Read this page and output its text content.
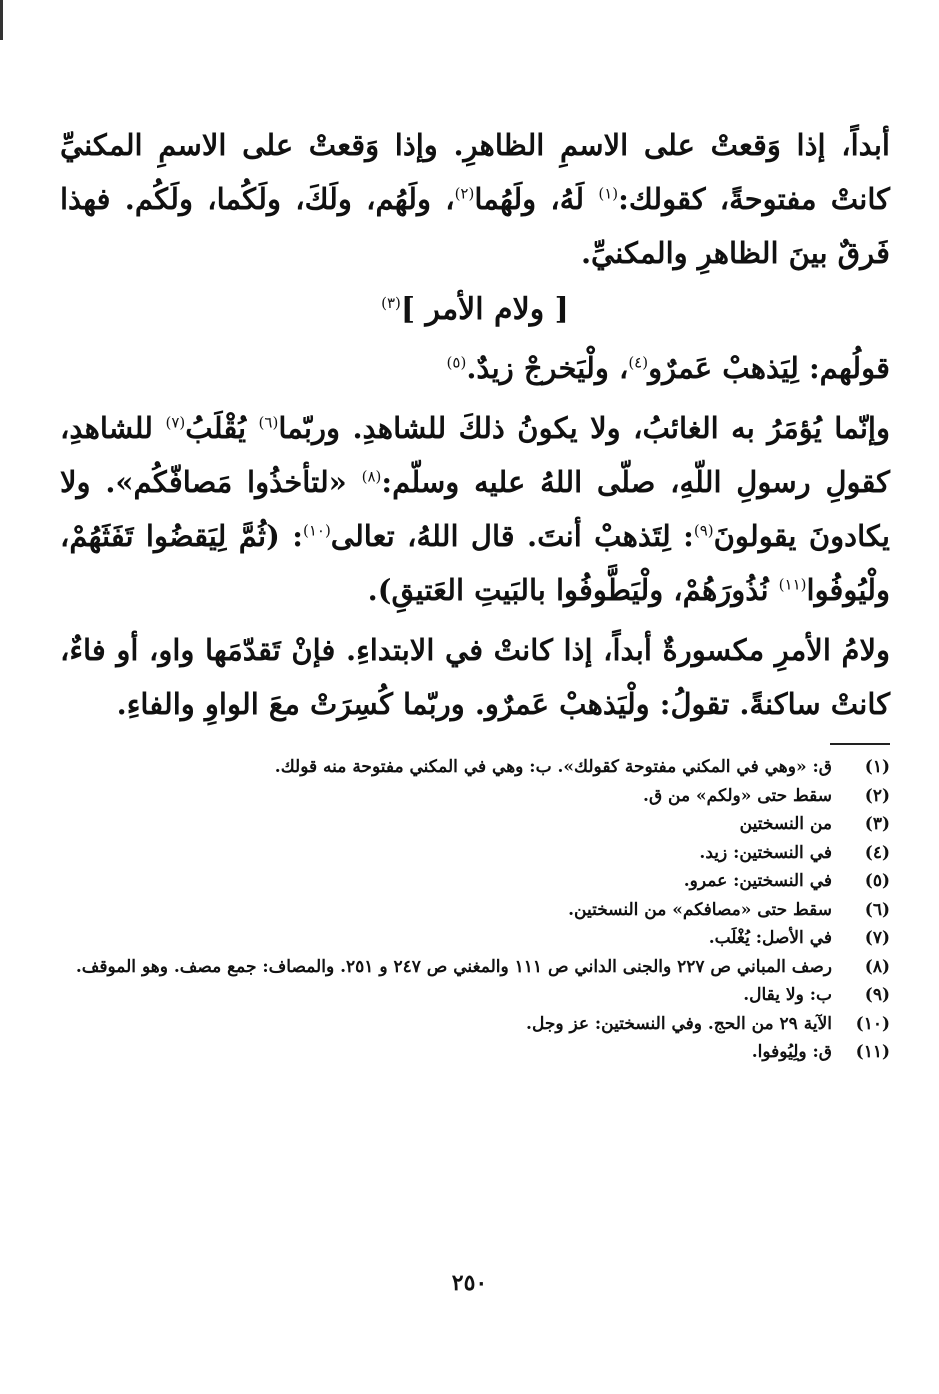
أبداً، إذا وَقعتْ على الاسمِ الظاهرِ. وإذا وَقعتْ على الاسمِ المكنيِّ كانتْ مفتوحةً، كقولك:$^{(١)}$ لَهُ، ولَهُما$^{(٢)}$، ولَهُم، ولَكَ، ولَكُما، ولَكُم. فهذا فَرقٌ بينَ الظاهرِ والمكنيِّ.

[ ولام الأمر ]$^{(٣)}$

قولُهم: لِيَذهبْ عَمرٌو$^{(٤)}$، ولْيَخرجْ زيدٌ.$^{(٥)}$

وإنّما يُؤمَرُ به الغائبُ، ولا يكونُ ذلكَ للشاهدِ. وربّما$^{(٦)}$ يُقْلَبُ$^{(٧)}$ للشاهدِ، كقولِ رسولِ اللّهِ، صلّى اللهُ عليه وسلّم:$^{(٨)}$ «لتأخذُوا مَصافّكُم». ولا يكادونَ يقولونَ$^{(٩)}$: لِتَذهبْ أنتَ. قال اللهُ، تعالى$^{(١٠)}$: (ثُمَّ لِيَقضُوا تَفَثَهُمْ، ولْيُوفُوا$^{(١١)}$ نُذُورَهُمْ، ولْيَطَّوفُوا بالبَيتِ العَتيقِ).

ولامُ الأمرِ مكسورةٌ أبداً، إذا كانتْ في الابتداءِ. فإنْ تَقدّمَها واو، أو فاءٌ، كانتْ ساكنةً. تقولُ: ولْيَذهبْ عَمرٌو. وربّما كُسِرَتْ معَ الواوِ والفاءِ.

(١)
ق: «وهي في المكني مفتوحة كقولك». ب: وهي في المكني مفتوحة منه قولك.
(٢)
سقط حتى «ولكم» من ق.
(٣)
من النسختين
(٤)
في النسختين: زيد.
(٥)
في النسختين: عمرو.
(٦)
سقط حتى «مصافكم» من النسختين.
(٧)
في الأصل: يُغْلَب.
(٨)
رصف المباني ص ٢٢٧ والجنى الداني ص ١١١ والمغني ص ٢٤٧ و ٢٥١. والمصاف: جمع مصف. وهو الموقف.
(٩)
ب: ولا يقال.
(١٠)
الآية ٢٩ من الحج. وفي النسختين: عز وجل.
(١١)
ق: ولِيُوفوا.
٢٥٠
